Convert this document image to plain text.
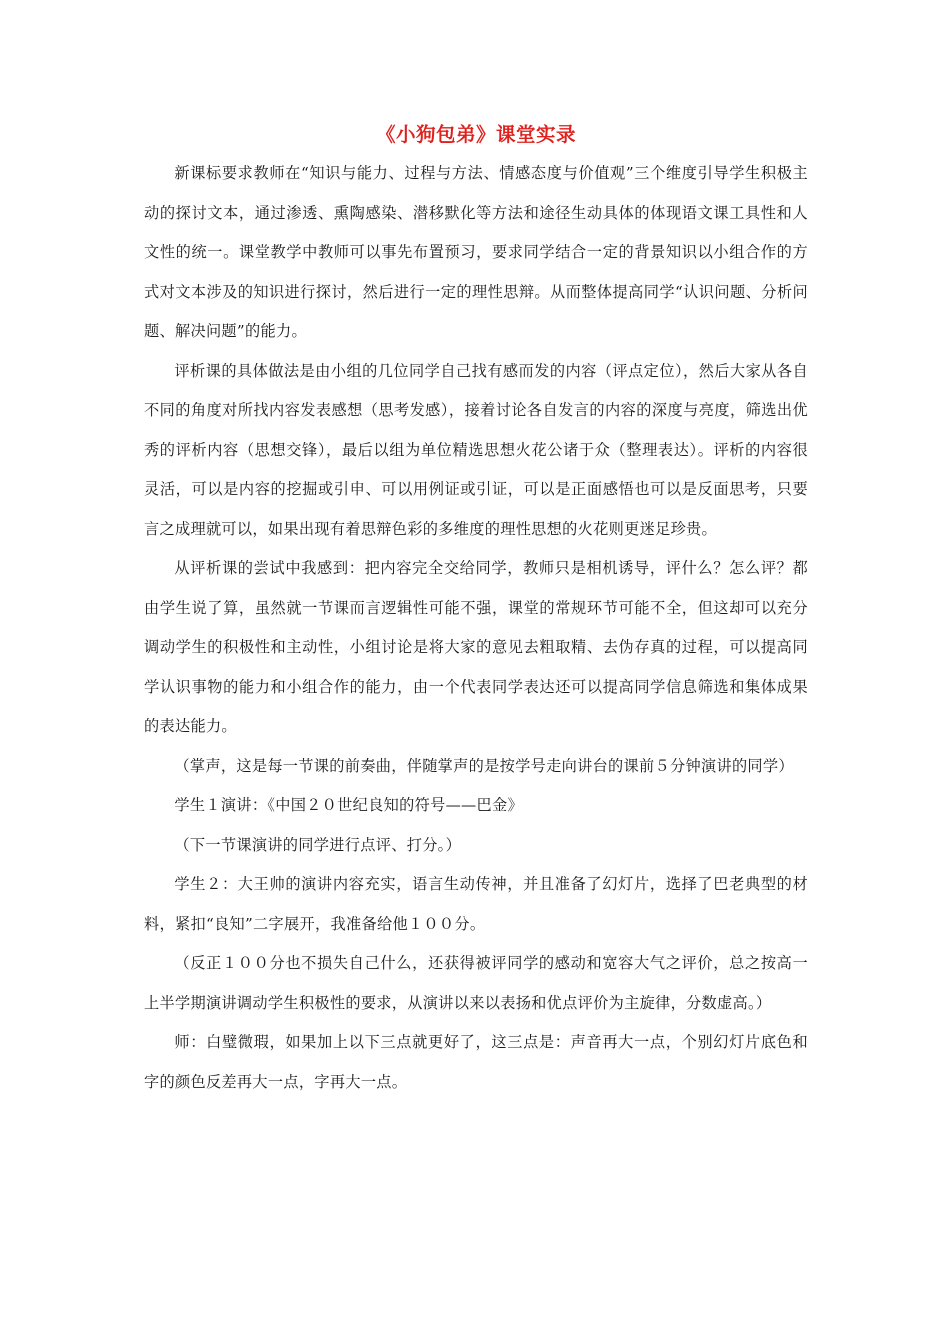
《小狗包弟》课堂实录

新课标要求教师在“知识与能力、过程与方法、情感态度与价值观”三个维度引导学生积极主动的探讨文本，通过渗透、熏陶感染、潜移默化等方法和途径生动具体的体现语文课工具性和人文性的统一。课堂教学中教师可以事先布置预习，要求同学结合一定的背景知识以小组合作的方式对文本涉及的知识进行探讨，然后进行一定的理性思辩。从而整体提高同学“认识问题、分析问题、解决问题”的能力。

评析课的具体做法是由小组的几位同学自己找有感而发的内容（评点定位），然后大家从各自不同的角度对所找内容发表感想（思考发感），接着讨论各自发言的内容的深度与亮度，筛选出优秀的评析内容（思想交锋），最后以组为单位精选思想火花公诸于众（整理表达）。评析的内容很灵活，可以是内容的挖掘或引申、可以用例证或引证，可以是正面感悟也可以是反面思考，只要言之成理就可以，如果出现有着思辩色彩的多维度的理性思想的火花则更迷足珍贵。

从评析课的尝试中我感到：把内容完全交给同学，教师只是相机诱导，评什么？怎么评？都由学生说了算，虽然就一节课而言逻辑性可能不强，课堂的常规环节可能不全，但这却可以充分调动学生的积极性和主动性，小组讨论是将大家的意见去粗取精、去伪存真的过程，可以提高同学认识事物的能力和小组合作的能力，由一个代表同学表达还可以提高同学信息筛选和集体成果的表达能力。

（掌声，这是每一节课的前奏曲，伴随掌声的是按学号走向讲台的课前５分钟演讲的同学）

学生１演讲：《中国２０世纪良知的符号——巴金》

（下一节课演讲的同学进行点评、打分。）

学生２：大王帅的演讲内容充实，语言生动传神，并且准备了幻灯片，选择了巴老典型的材料，紧扣“良知”二字展开，我准备给他１００分。

（反正１００分也不损失自己什么，还获得被评同学的感动和宽容大气之评价，总之按高一上半学期演讲调动学生积极性的要求，从演讲以来以表扬和优点评价为主旋律，分数虚高。）

师：白璧微瑕，如果加上以下三点就更好了，这三点是：声音再大一点，个别幻灯片底色和字的颜色反差再大一点，字再大一点。
